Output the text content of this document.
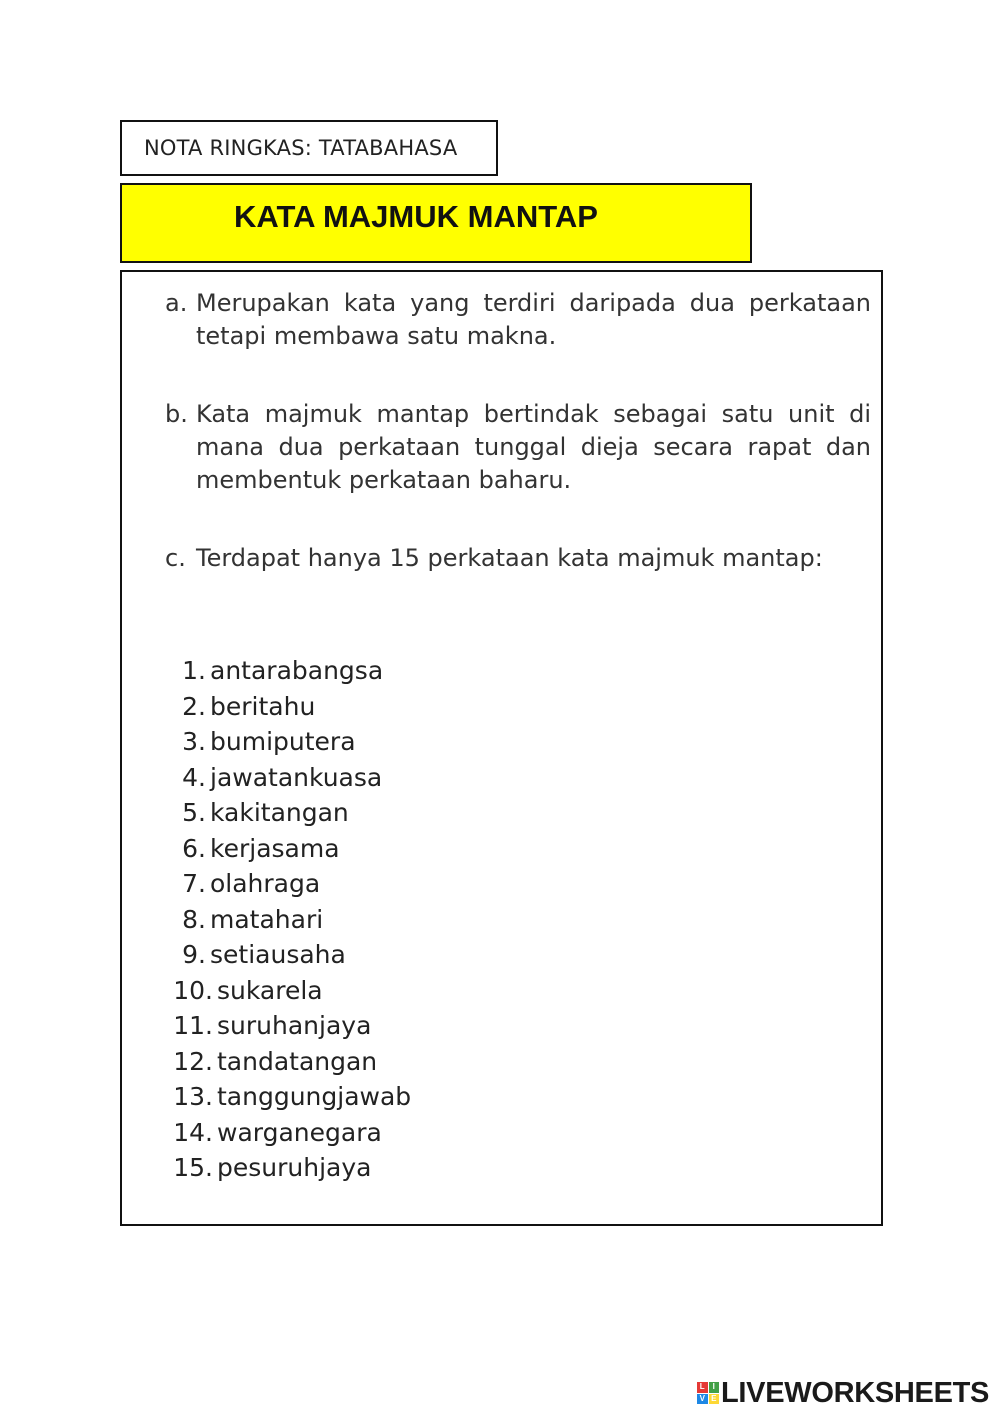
NOTA RINGKAS: TATABAHASA
KATA MAJMUK MANTAP
a. Merupakan kata yang terdiri daripada dua perkataan tetapi membawa satu makna.
b. Kata majmuk mantap bertindak sebagai satu unit di mana dua perkataan tunggal dieja secara rapat dan membentuk perkataan baharu.
c. Terdapat hanya 15 perkataan kata majmuk mantap:
1. antarabangsa
2. beritahu
3. bumiputera
4. jawatankuasa
5. kakitangan
6. kerjasama
7. olahraga
8. matahari
9. setiausaha
10. sukarela
11. suruhanjaya
12. tandatangan
13. tanggungjawab
14. warganegara
15. pesuruhjaya
L I
V E LIVEWORKSHEETS
